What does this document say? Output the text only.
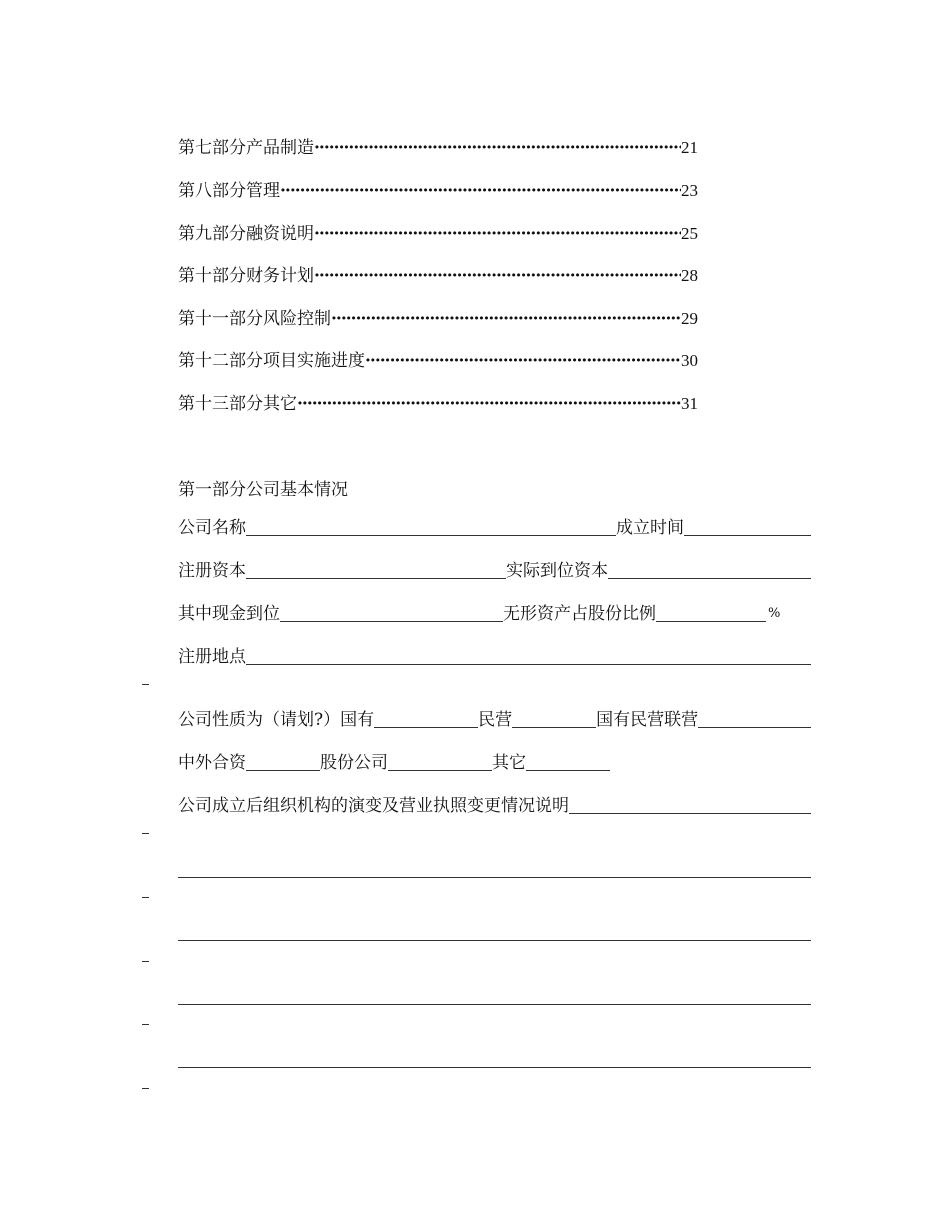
第七部分产品制造 ·····	21
第八部分管理 ·····	23
第九部分融资说明 ·····	25
第十部分财务计划 ·····	28
第十一部分风险控制 ·····	29
第十二部分项目实施进度 ·····	30
第十三部分其它 ·····	31
第一部分公司基本情况
公司名称	成立时间
注册资本	实际到位资本
其中现金到位	无形资产占股份比例	%
注册地点
公司性质为（请划?）国有	民营	国有民营联营
中外合资	股份公司	其它
公司成立后组织机构的演变及营业执照变更情况说明
